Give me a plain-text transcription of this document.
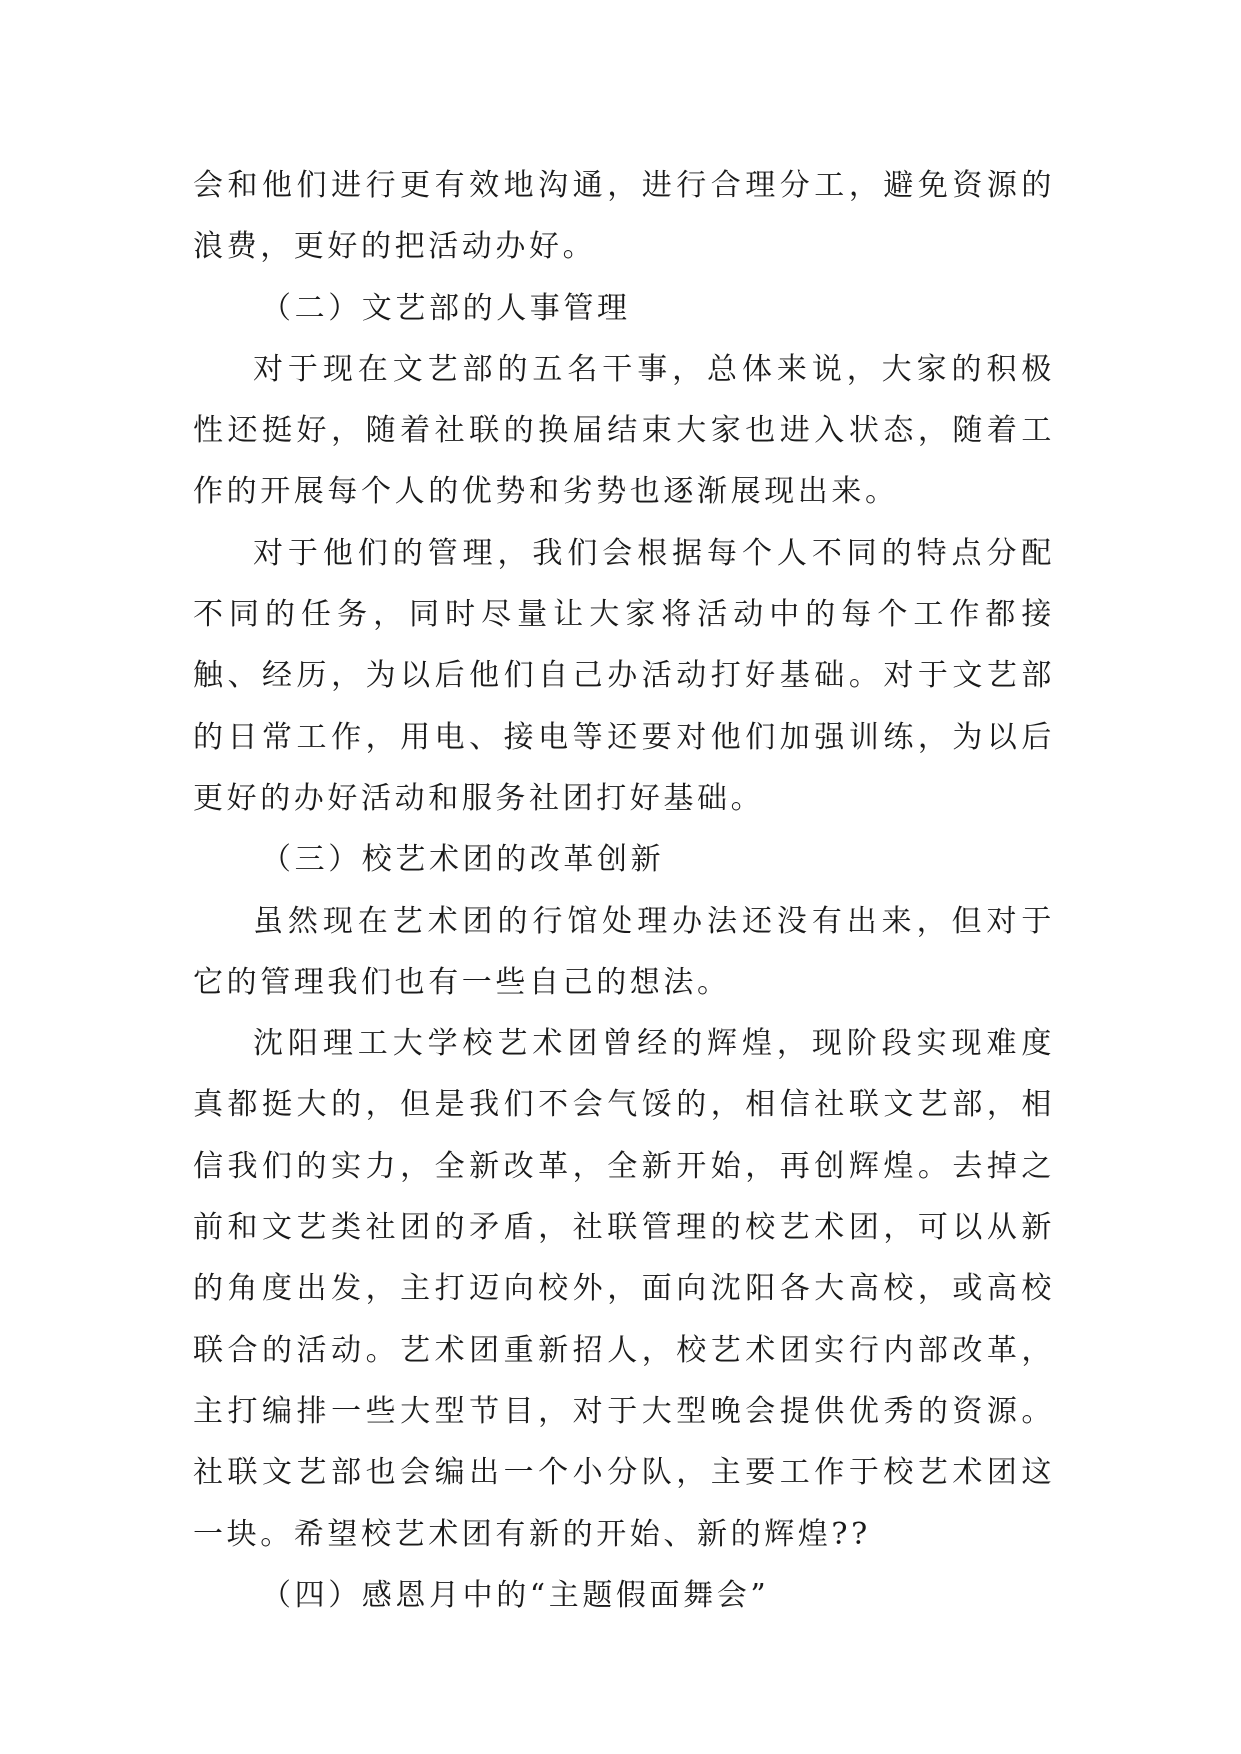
会和他们进行更有效地沟通，进行合理分工，避免资源的浪费，更好的把活动办好。

（二）文艺部的人事管理

对于现在文艺部的五名干事，总体来说，大家的积极性还挺好，随着社联的换届结束大家也进入状态，随着工作的开展每个人的优势和劣势也逐渐展现出来。

对于他们的管理，我们会根据每个人不同的特点分配不同的任务，同时尽量让大家将活动中的每个工作都接触、经历，为以后他们自己办活动打好基础。对于文艺部的日常工作，用电、接电等还要对他们加强训练，为以后更好的办好活动和服务社团打好基础。

（三）校艺术团的改革创新

虽然现在艺术团的行馆处理办法还没有出来，但对于它的管理我们也有一些自己的想法。

沈阳理工大学校艺术团曾经的辉煌，现阶段实现难度真都挺大的，但是我们不会气馁的，相信社联文艺部，相信我们的实力，全新改革，全新开始，再创辉煌。去掉之前和文艺类社团的矛盾，社联管理的校艺术团，可以从新的角度出发，主打迈向校外，面向沈阳各大高校，或高校联合的活动。艺术团重新招人，校艺术团实行内部改革，主打编排一些大型节目，对于大型晚会提供优秀的资源。社联文艺部也会编出一个小分队，主要工作于校艺术团这一块。希望校艺术团有新的开始、新的辉煌??

（四）感恩月中的“主题假面舞会”
